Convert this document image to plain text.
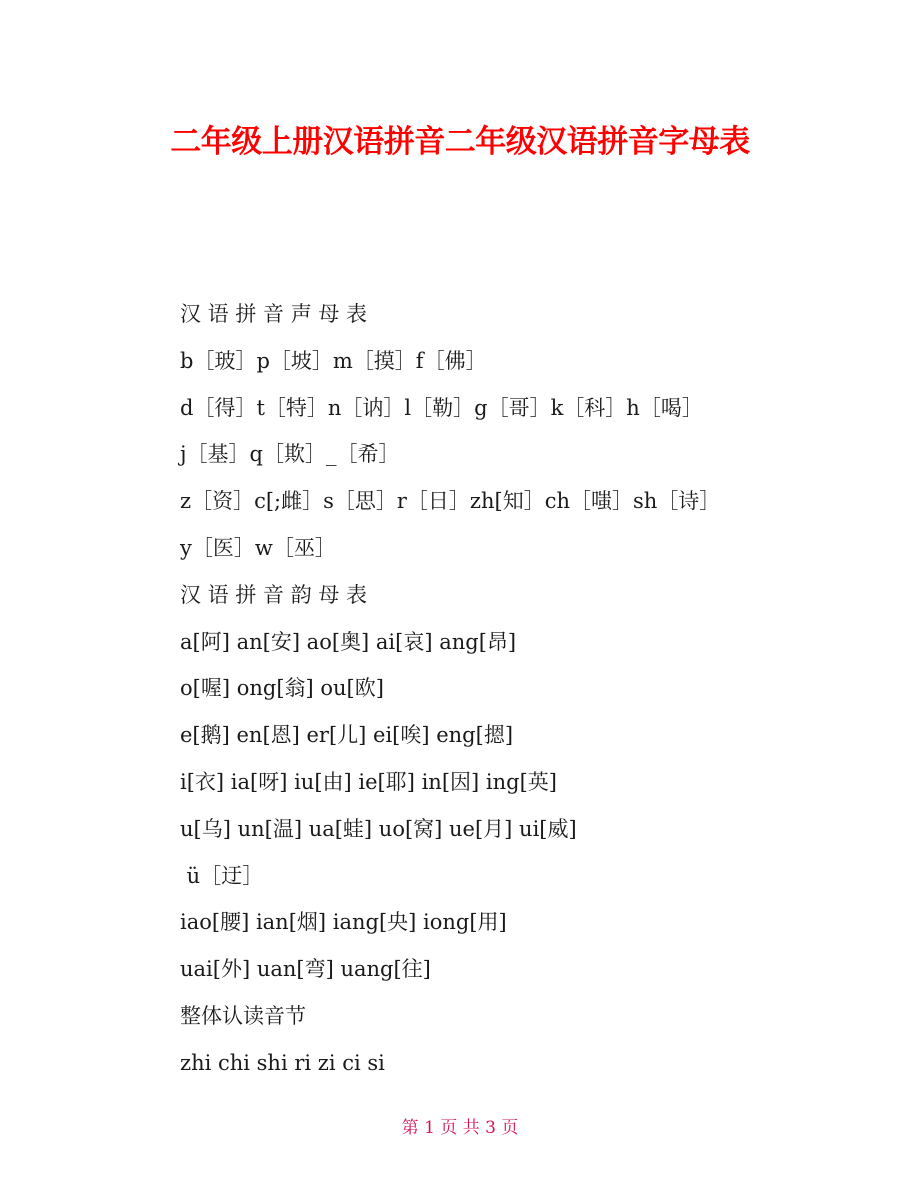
二年级上册汉语拼音二年级汉语拼音字母表

汉 语 拼 音 声 母 表

b［玻］p［坡］m［摸］f［佛］

d［得］t［特］n［讷］l［勒］g［哥］k［科］h［喝］

j［基］q［欺］_［希］

z［资］c[;雌］s［思］r［日］zh[知］ch［嗤］sh［诗］

y［医］w［巫］

汉 语 拼 音 韵 母 表

a[阿] an[安] ao[奥] ai[哀] ang[昂]

o[喔] ong[翁] ou[欧]

e[鹅] en[恩] er[儿] ei[唉] eng[摁]

i[衣] ia[呀] iu[由] ie[耶] in[因] ing[英]

u[乌] un[温] ua[蛙] uo[窝] ue[月] ui[威]

ü［迂］

iao[腰] ian[烟] iang[央] iong[用]

uai[外] uan[弯] uang[往]

整体认读音节

zhi chi shi ri zi ci si

第 1 页 共 3 页
